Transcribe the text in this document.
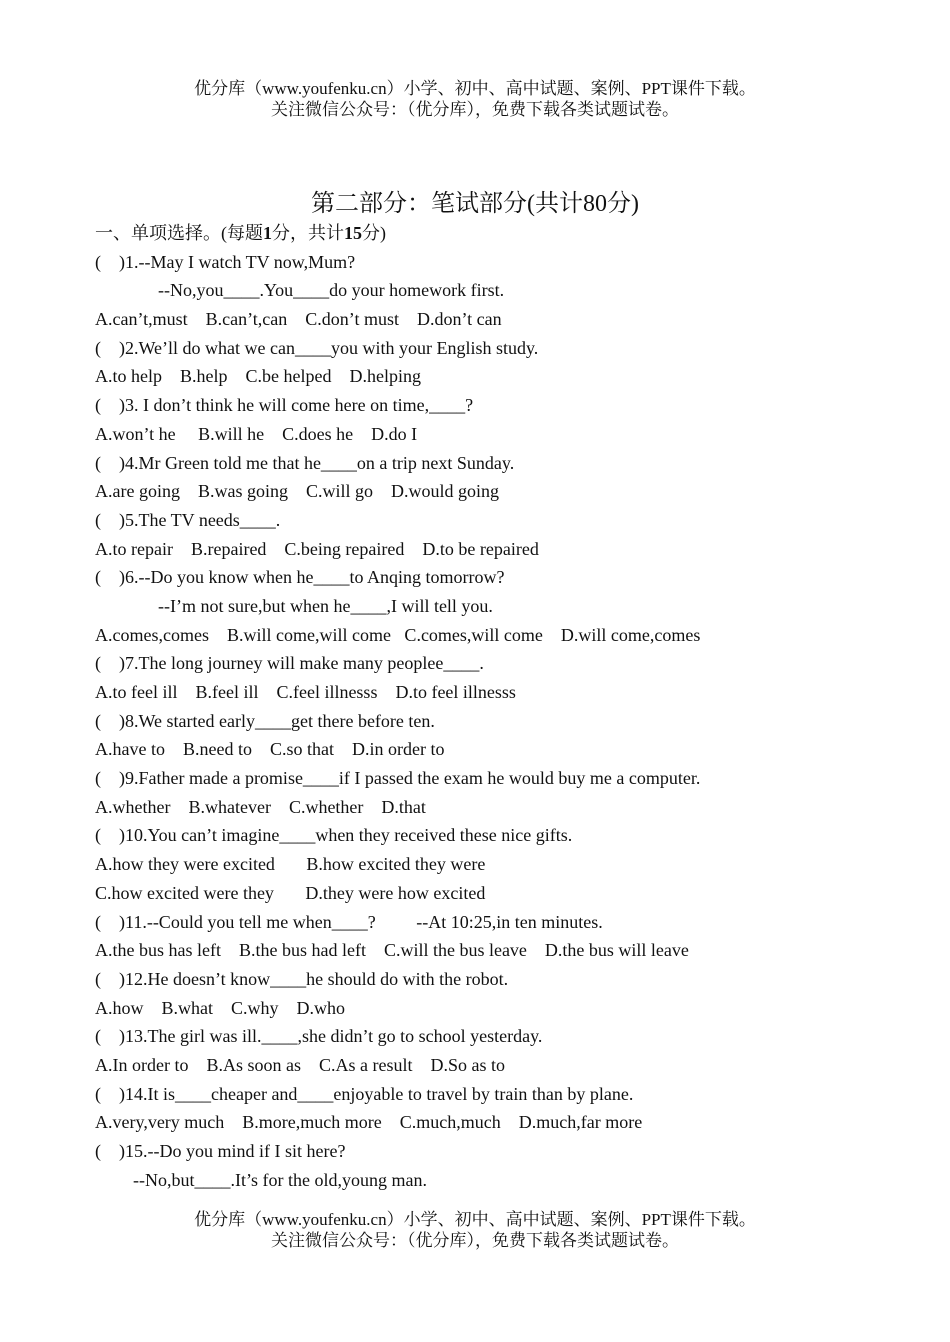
优分库（www.youfenku.cn）小学、初中、高中试题、案例、PPT课件下载。
关注微信公众号：（优分库），免费下载各类试题试卷。
第二部分：笔试部分(共计80分)
一、单项选择。(每题1分，共计15分)
(    )1.--May I watch TV now,Mum?
--No,you____.You____do your homework first.
A.can’t,must    B.can’t,can    C.don’t must    D.don’t can
(    )2.We’ll do what we can____you with your English study.
A.to help    B.help    C.be helped    D.helping
(    )3. I don’t think he will come here on time,____?
A.won’t he     B.will he    C.does he    D.do I
(    )4.Mr Green told me that he____on a trip next Sunday.
A.are going    B.was going    C.will go    D.would going
(    )5.The TV needs____.
A.to repair    B.repaired    C.being repaired    D.to be repaired
(    )6.--Do you know when he____to Anqing tomorrow?
--I’m not sure,but when he____,I will tell you.
A.comes,comes    B.will come,will come   C.comes,will come    D.will come,comes
(    )7.The long journey will make many peoplee____.
A.to feel ill    B.feel ill    C.feel illnesss    D.to feel illnesss
(    )8.We started early____get there before ten.
A.have to    B.need to    C.so that    D.in order to
(    )9.Father made a promise____if I passed the exam he would buy me a computer.
A.whether    B.whatever    C.whether    D.that
(    )10.You can’t imagine____when they received these nice gifts.
A.how they were excited       B.how excited they were
C.how excited were they       D.they were how excited
(    )11.--Could you tell me when____?         --At 10:25,in ten minutes.
A.the bus has left    B.the bus had left    C.will the bus leave    D.the bus will leave
(    )12.He doesn’t know____he should do with the robot.
A.how    B.what    C.why    D.who
(    )13.The girl was ill.____,she didn’t go to school yesterday.
A.In order to    B.As soon as    C.As a result    D.So as to
(    )14.It is____cheaper and____enjoyable to travel by train than by plane.
A.very,very much    B.more,much more    C.much,much    D.much,far more
(    )15.--Do you mind if I sit here?
--No,but____.It’s for the old,young man.
优分库（www.youfenku.cn）小学、初中、高中试题、案例、PPT课件下载。
关注微信公众号：（优分库），免费下载各类试题试卷。
